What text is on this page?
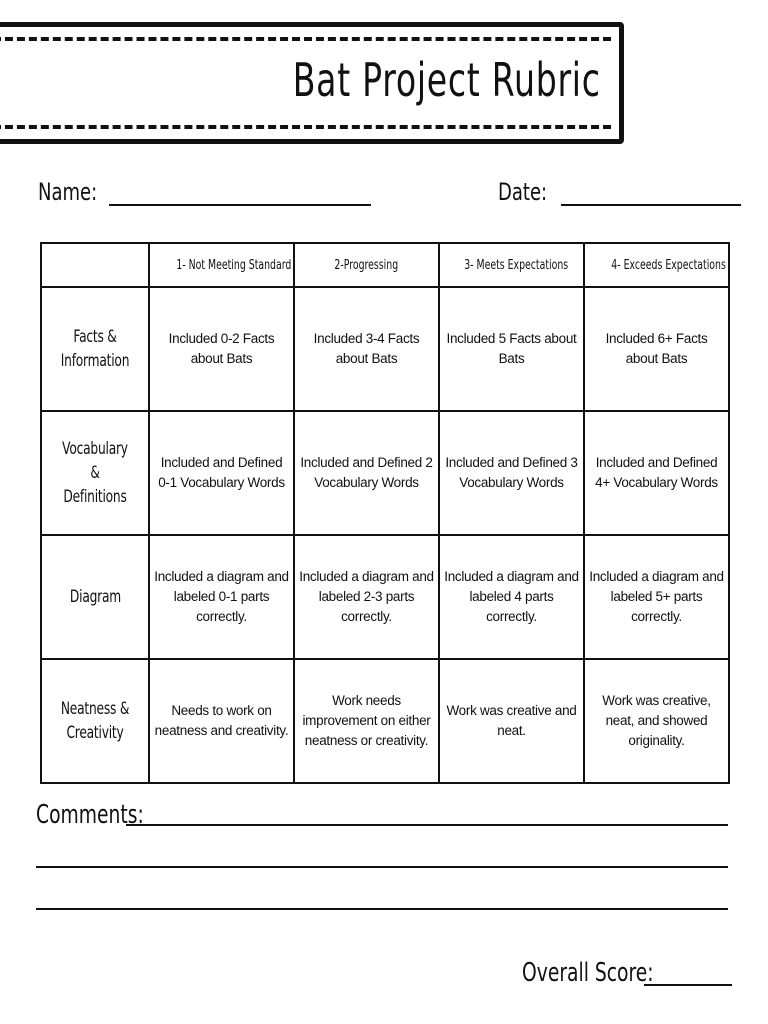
Bat Project Rubric
Name:	Date:
	1- Not Meeting Standard	2-Progressing	3- Meets Expectations	4- Exceeds Expectations
Facts & Information	Included 0-2 Facts about Bats	Included 3-4 Facts about Bats	Included 5 Facts about Bats	Included 6+ Facts about Bats
Vocabulary & Definitions	Included and Defined 0-1 Vocabulary Words	Included and Defined 2 Vocabulary Words	Included and Defined 3 Vocabulary Words	Included and Defined 4+ Vocabulary Words
Diagram	Included a diagram and labeled 0-1 parts correctly.	Included a diagram and labeled 2-3 parts correctly.	Included a diagram and labeled 4 parts correctly.	Included a diagram and labeled 5+ parts correctly.
Neatness & Creativity	Needs to work on neatness and creativity.	Work needs improvement on either neatness or creativity.	Work was creative and neat.	Work was creative, neat, and showed originality.
Comments:
Overall Score:
